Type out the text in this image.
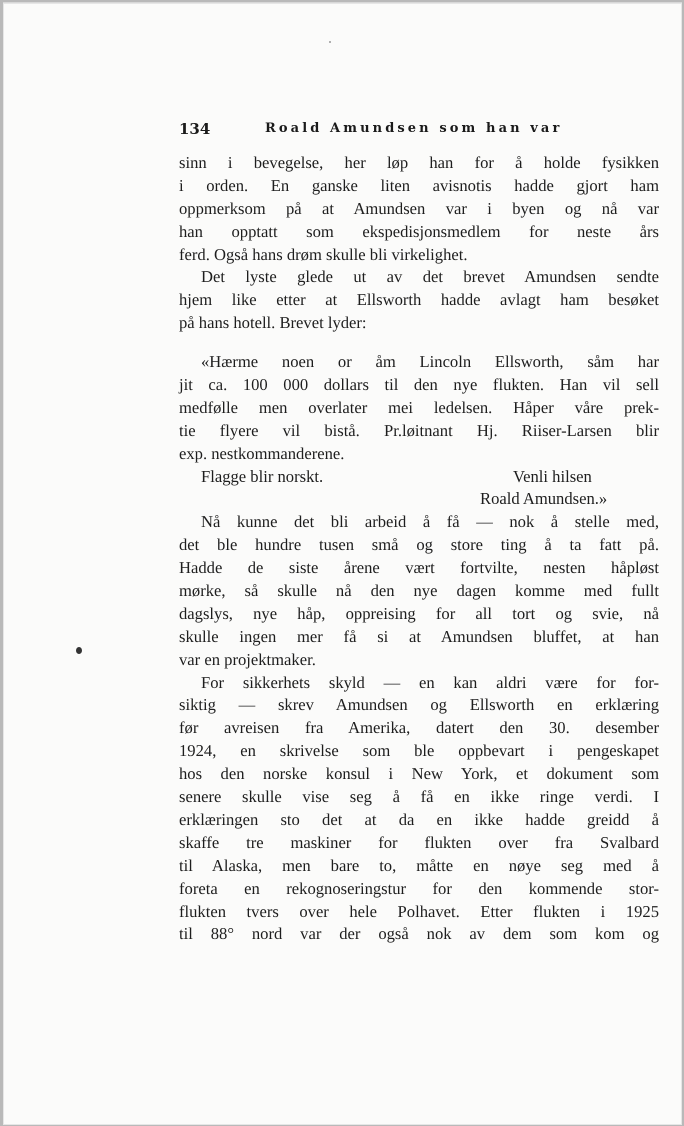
134	Roald Amundsen som han var
sinn i bevegelse, her løp han for å holde fysikken
i orden. En ganske liten avisnotis hadde gjort ham
oppmerksom på at Amundsen var i byen og nå var
han opptatt som ekspedisjonsmedlem for neste års
ferd. Også hans drøm skulle bli virkelighet.
Det lyste glede ut av det brevet Amundsen sendte
hjem like etter at Ellsworth hadde avlagt ham besøket
på hans hotell. Brevet lyder:
«Hærme noen or åm Lincoln Ellsworth, såm har
jit ca. 100 000 dollars til den nye flukten. Han vil sell
medfølle men overlater mei ledelsen. Håper våre prek-
tie flyere vil bistå. Pr.løitnant Hj. Riiser-Larsen blir
exp. nestkommanderene.
Flagge blir norskt.	Venli hilsen
Roald Amundsen.»
Nå kunne det bli arbeid å få — nok å stelle med,
det ble hundre tusen små og store ting å ta fatt på.
Hadde de siste årene vært fortvilte, nesten håpløst
mørke, så skulle nå den nye dagen komme med fullt
dagslys, nye håp, oppreising for all tort og svie, nå
skulle ingen mer få si at Amundsen bluffet, at han
var en projektmaker.
For sikkerhets skyld — en kan aldri være for for-
siktig — skrev Amundsen og Ellsworth en erklæring
før avreisen fra Amerika, datert den 30. desember
1924, en skrivelse som ble oppbevart i pengeskapet
hos den norske konsul i New York, et dokument som
senere skulle vise seg å få en ikke ringe verdi. I
erklæringen sto det at da en ikke hadde greidd å
skaffe tre maskiner for flukten over fra Svalbard
til Alaska, men bare to, måtte en nøye seg med å
foreta en rekognoseringstur for den kommende stor-
flukten tvers over hele Polhavet. Etter flukten i 1925
til 88° nord var der også nok av dem som kom og
